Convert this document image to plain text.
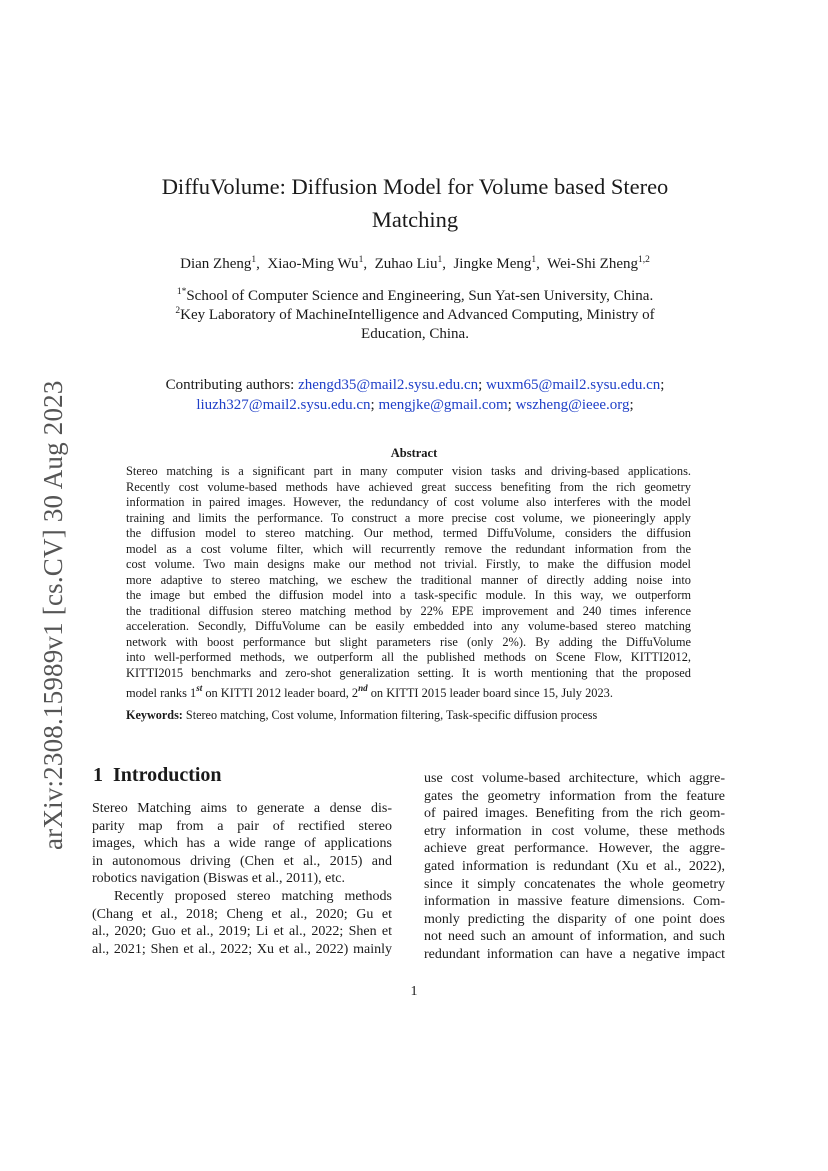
arXiv:2308.15989v1 [cs.CV] 30 Aug 2023
DiffuVolume: Diffusion Model for Volume based Stereo
Matching
Dian Zheng$^1$,  Xiao-Ming Wu$^1$,  Zuhao Liu$^1$,  Jingke Meng$^1$,  Wei-Shi Zheng$^{1,2}$
$^{1*}$School of Computer Science and Engineering, Sun Yat-sen University, China.
$^2$Key Laboratory of MachineIntelligence and Advanced Computing, Ministry of
Education, China.
Contributing authors: zhengd35@mail2.sysu.edu.cn; wuxm65@mail2.sysu.edu.cn;
liuzh327@mail2.sysu.edu.cn; mengjke@gmail.com; wszheng@ieee.org;
Abstract
Stereo matching is a significant part in many computer vision tasks and driving-based applications.
Recently cost volume-based methods have achieved great success benefiting from the rich geometry
information in paired images. However, the redundancy of cost volume also interferes with the model
training and limits the performance. To construct a more precise cost volume, we pioneeringly apply
the diffusion model to stereo matching. Our method, termed DiffuVolume, considers the diffusion
model as a cost volume filter, which will recurrently remove the redundant information from the
cost volume. Two main designs make our method not trivial. Firstly, to make the diffusion model
more adaptive to stereo matching, we eschew the traditional manner of directly adding noise into
the image but embed the diffusion model into a task-specific module. In this way, we outperform
the traditional diffusion stereo matching method by 22% EPE improvement and 240 times inference
acceleration. Secondly, DiffuVolume can be easily embedded into any volume-based stereo matching
network with boost performance but slight parameters rise (only 2%). By adding the DiffuVolume
into well-performed methods, we outperform all the published methods on Scene Flow, KITTI2012,
KITTI2015 benchmarks and zero-shot generalization setting. It is worth mentioning that the proposed
model ranks 1st on KITTI 2012 leader board, 2nd on KITTI 2015 leader board since 15, July 2023.
Keywords: Stereo matching, Cost volume, Information filtering, Task-specific diffusion process
1 Introduction
Stereo Matching aims to generate a dense dis-
parity map from a pair of rectified stereo
images, which has a wide range of applications
in autonomous driving (Chen et al., 2015) and
robotics navigation (Biswas et al., 2011), etc.
Recently proposed stereo matching methods
(Chang et al., 2018; Cheng et al., 2020; Gu et
al., 2020; Guo et al., 2019; Li et al., 2022; Shen et
al., 2021; Shen et al., 2022; Xu et al., 2022) mainly
use cost volume-based architecture, which aggre-
gates the geometry information from the feature
of paired images. Benefiting from the rich geom-
etry information in cost volume, these methods
achieve great performance. However, the aggre-
gated information is redundant (Xu et al., 2022),
since it simply concatenates the whole geometry
information in massive feature dimensions. Com-
monly predicting the disparity of one point does
not need such an amount of information, and such
redundant information can have a negative impact
1
